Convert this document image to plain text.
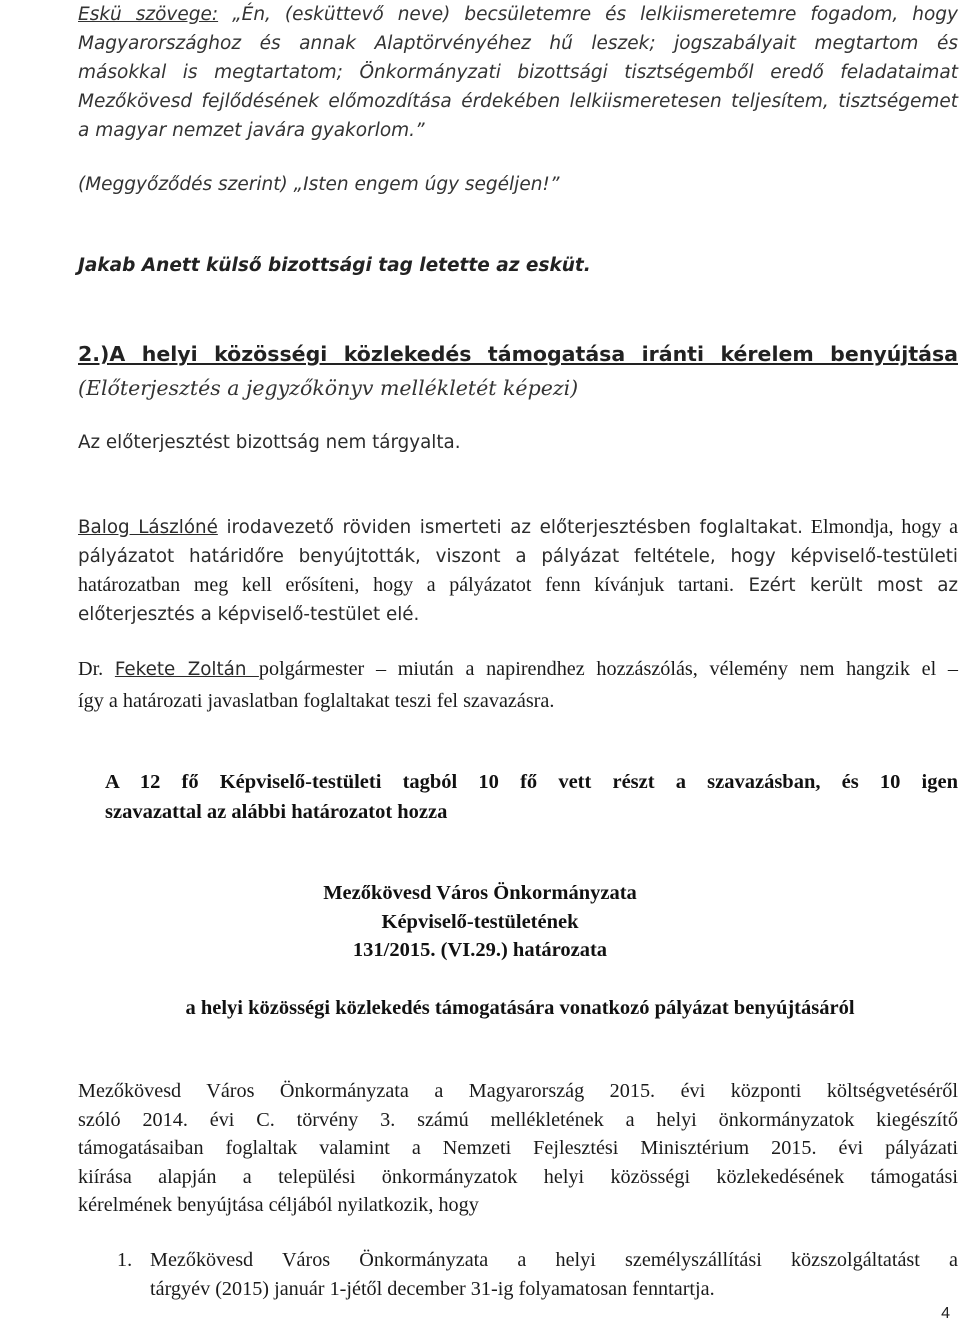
Eskü szövege: „Én, (esküttevő neve) becsületemre és lelkiismeretemre fogadom, hogy
Magyarországhoz és annak Alaptörvényéhez hű leszek; jogszabályait megtartom és
másokkal is megtartatom; Önkormányzati bizottsági tisztségemből eredő feladataimat
Mezőkövesd fejlődésének előmozdítása érdekében lelkiismeretesen teljesítem, tisztségemet
a magyar nemzet javára gyakorlom.”
(Meggyőződés szerint) „Isten engem úgy segéljen!”
Jakab Anett külső bizottsági tag letette az esküt.
2.)A helyi közösségi közlekedés támogatása iránti kérelem benyújtása
(Előterjesztés a jegyzőkönyv mellékletét képezi)
Az előterjesztést bizottság nem tárgyalta.
Balog Lászlóné irodavezető röviden ismerteti az előterjesztésben foglaltakat. Elmondja, hogy a
pályázatot határidőre benyújtották, viszont a pályázat feltétele, hogy képviselő-testületi
határozatban meg kell erősíteni, hogy a pályázatot fenn kívánjuk tartani. Ezért került most az
előterjesztés a képviselő-testület elé.
Dr. Fekete Zoltán polgármester – miután a napirendhez hozzászólás, vélemény nem hangzik el –
így a határozati javaslatban foglaltakat teszi fel szavazásra.
A 12 fő Képviselő-testületi tagból 10 fő vett részt a szavazásban, és 10 igen
szavazattal az alábbi határozatot hozza
Mezőkövesd Város Önkormányzata
Képviselő-testületének
131/2015. (VI.29.) határozata
a helyi közösségi közlekedés támogatására vonatkozó pályázat benyújtásáról
Mezőkövesd Város Önkormányzata a Magyarország 2015. évi központi költségvetéséről
szóló 2014. évi C. törvény 3. számú mellékletének a helyi önkormányzatok kiegészítő
támogatásaiban foglaltak valamint a Nemzeti Fejlesztési Minisztérium 2015. évi pályázati
kiírása alapján a települési önkormányzatok helyi közösségi közlekedésének támogatási
kérelmének benyújtása céljából nyilatkozik, hogy
1. Mezőkövesd Város Önkormányzata a helyi személyszállítási közszolgáltatást a
tárgyév (2015) január 1-jétől december 31-ig folyamatosan fenntartja.
4
